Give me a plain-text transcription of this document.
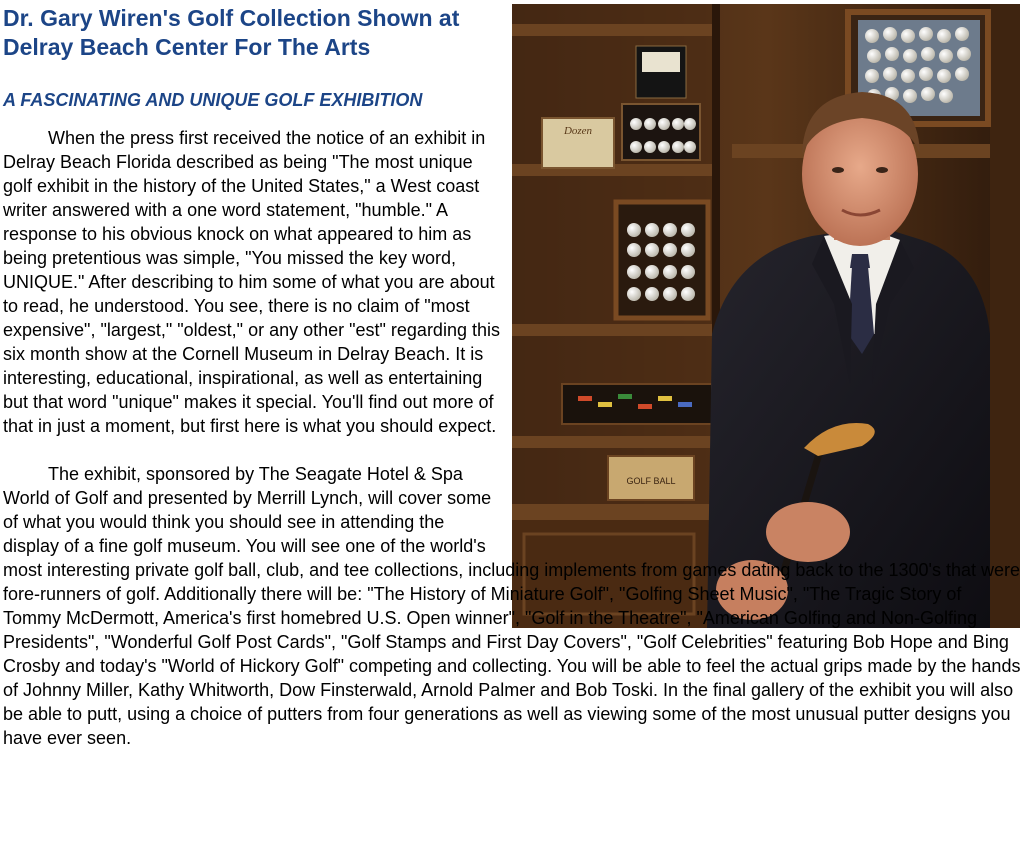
Dozen
GOLF BALL
Dr. Gary Wiren's Golf Collection Shown at Delray Beach Center For The Arts
A FASCINATING AND UNIQUE GOLF EXHIBITION

When the press first received the notice of an exhibit in Delray Beach Florida described as being "The most unique golf exhibit in the history of the United States," a West coast writer answered with a one word statement, "humble." A response to his obvious knock on what appeared to him as being pretentious was simple, "You missed the key word, UNIQUE." After describing to him some of what you are about to read, he understood. You see, there is no claim of "most expensive", "largest," "oldest," or any other "est" regarding this six month show at the Cornell Museum in Delray Beach. It is interesting, educational, inspirational, as well as entertaining but that word "unique" makes it special. You'll find out more of that in just a moment, but first here is what you should expect.

The exhibit, sponsored by The Seagate Hotel & Spa World of Golf and presented by Merrill Lynch, will cover some of what you would think you should see in attending the display of a fine golf museum. You will see one of the world's most interesting private golf ball, club, and tee collections, including implements from games dating back to the 1300's that were fore-runners of golf. Additionally there will be: "The History of Miniature Golf", "Golfing Sheet Music", "The Tragic Story of Tommy McDermott, America's first homebred U.S. Open winner", "Golf in the Theatre", "American Golfing and Non-Golfing Presidents", "Wonderful Golf Post Cards", "Golf Stamps and First Day Covers", "Golf Celebrities" featuring Bob Hope and Bing Crosby and today's "World of Hickory Golf" competing and collecting. You will be able to feel the actual grips made by the hands of Johnny Miller, Kathy Whitworth, Dow Finsterwald, Arnold Palmer and Bob Toski. In the final gallery of the exhibit you will also be able to putt, using a choice of putters from four generations as well as viewing some of the most unusual putter designs you have ever seen.
